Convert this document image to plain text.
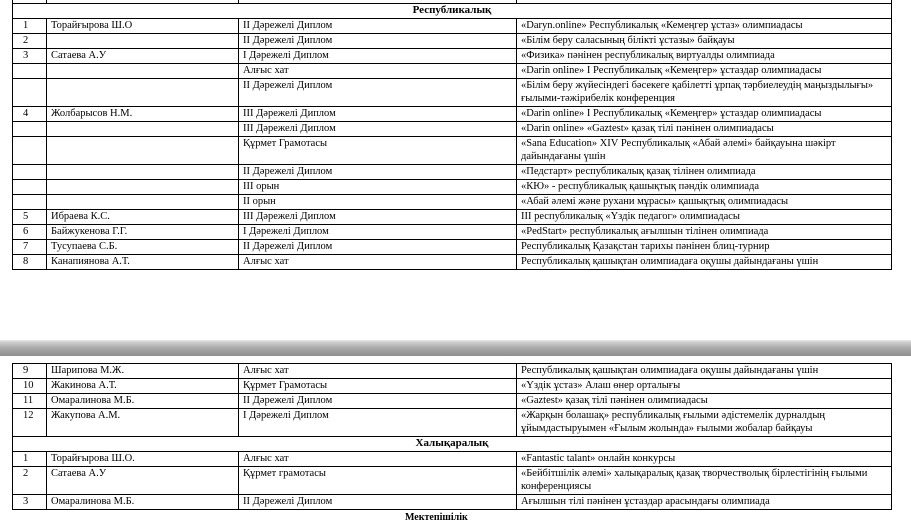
Республикалық			
1	Торайғырова Ш.О	ІІ Дәрежелі Диплом	«Daryn.online» Республикалық «Кемеңгер ұстаз» олимпиадасы
2		ІІ Дәрежелі Диплом	«Білім беру саласының білікті ұстазы» байқауы
3	Сатаева А.У	І Дәрежелі Диплом	«Физика» пәнінен республикалық виртуалды олимпиада
		Алғыс хат	«Darin online» І Республикалық «Кемеңгер» ұстаздар олимпиадасы
		ІІ Дәрежелі Диплом	«Білім беру жүйесіндегі бәсекеге қабілетті ұрпақ тәрбиелеудің маңыздылығы» ғылыми-тәжірибелік конференция
4	Жолбарысов Н.М.	ІІІ Дәрежелі Диплом	«Darin online» І Республикалық «Кемеңгер» ұстаздар олимпиадасы
		ІІІ Дәрежелі Диплом	«Darin online» «Gaztest» қазақ тілі пәнінен олимпиадасы
		Құрмет Грамотасы	«Sana Education» XIV Республикалық «Абай әлемі» байқауына шәкірт дайындағаны үшін
		ІІ Дәрежелі Диплом	«Педстарт» республикалық қазақ тілінен олимпиада
		ІІІ орын	«КЮ» - республикалық қашықтық пәндік олимпиада
		ІІ орын	«Абай әлемі және рухани мұрасы» қашықтық олимпиадасы
5	Ибраева К.С.	ІІІ Дәрежелі Диплом	ІІІ республикалық «Үздік педагог» олимпиадасы
6	Байжукенова Г.Г.	І Дәрежелі Диплом	«PedStart» республикалық ағылшын тілінен олимпиада
7	Тусупаева С.Б.	ІІ Дәрежелі Диплом	Республикалық Қазақстан тарихы пәнінен блиц-турнир
8	Канапиянова А.Т.	Алғыс хат	Республикалық қашықтан олимпиадаға оқушы дайындағаны үшін
9	Шарипова М.Ж.	Алғыс хат	Республикалық қашықтан олимпиадаға оқушы дайындағаны үшін
10	Жакинова А.Т.	Құрмет Грамотасы	«Үздік ұстаз» Алаш өнер орталығы
11	Омаралинова М.Б.	ІІ Дәрежелі Диплом	«Gaztest» қазақ тілі пәнінен олимпиадасы
12	Жакупова А.М.	І Дәрежелі Диплом	«Жарқын болашақ» республикалық ғылыми әдістемелік дурналдың ұйымдастыруымен «Ғылым жолында» ғылыми жобалар байқауы
Халықаралық			
1	Торайғырова Ш.О.	Алғыс хат	«Fantastic talant» онлайн конкурсы
2	Сатаева А.У	Құрмет грамотасы	«Бейбітшілік әлемі» халықаралық қазақ творчестволық бірлестігінің ғылыми конференциясы
3	Омаралинова М.Б.	ІІ Дәрежелі Диплом	Ағылшын тілі пәнінен ұстаздар арасындағы олимпиада
Мектепішілік
